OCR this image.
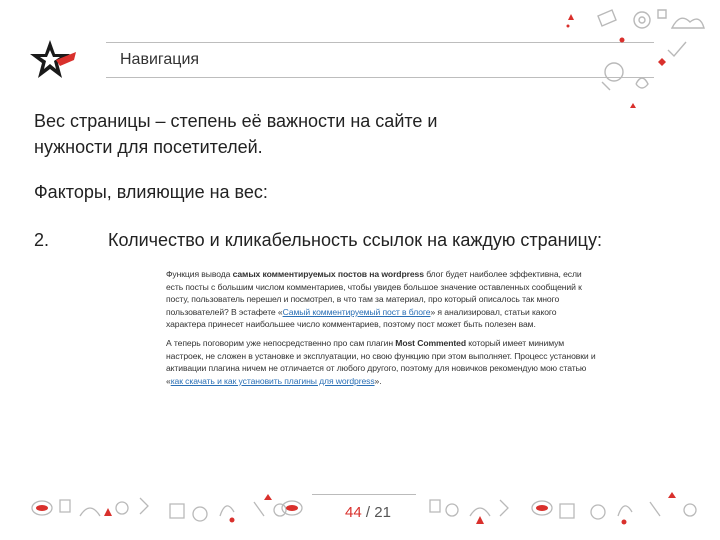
Навигация
Вес страницы – степень её важности на сайте и нужности для посетителей.
Факторы, влияющие на вес:
2.	Количество и кликабельность ссылок на каждую страницу:

Функция вывода самых комментируемых постов на wordpress блог будет наиболее эффективна, если есть посты с большим числом комментариев, чтобы увидев большое значение оставленных сообщений к посту, пользователь перешел и посмотрел, в что там за материал, про который описалось так много пользователей? В эстафете «Самый комментируемый пост в блоге» я анализировал, статьи какого характера принесет наибольшее число комментариев, поэтому пост может быть полезен вам.

А теперь поговорим уже непосредственно про сам плагин Most Commented который имеет минимум настроек, не сложен в установке и эксплуатации, но свою функцию при этом выполняет. Процесс установки и активации плагина ничем не отличается от любого другого, поэтому для новичков рекомендую мою статью «как скачать и как установить плагины для wordpress».

44 / 21
